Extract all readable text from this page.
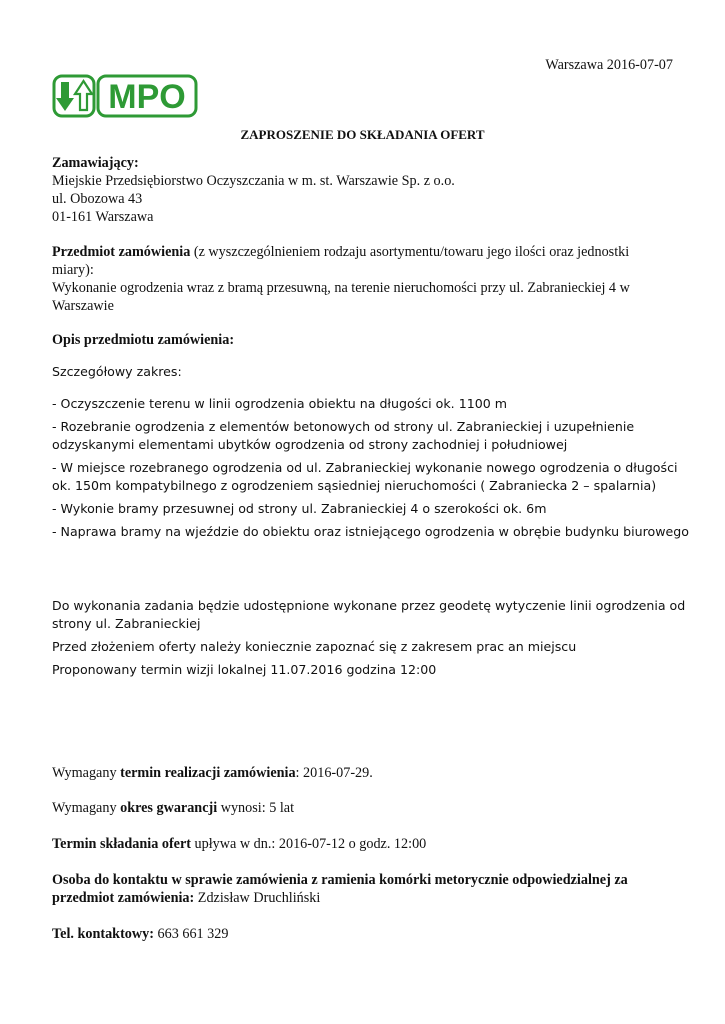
Warszawa 2016-07-07
MPO
ZAPROSZENIE DO SKŁADANIA OFERT
Zamawiający:
Miejskie Przedsiębiorstwo Oczyszczania w m. st. Warszawie Sp. z o.o.
ul. Obozowa 43
01-161 Warszawa
Przedmiot zamówienia (z wyszczególnieniem rodzaju asortymentu/towaru jego ilości oraz jednostki miary):
Wykonanie ogrodzenia wraz z bramą przesuwną, na terenie nieruchomości przy ul. Zabranieckiej 4 w Warszawie
Opis przedmiotu zamówienia:
Szczegółowy zakres:
- Oczyszczenie terenu w linii ogrodzenia obiektu na długości ok. 1100 m
- Rozebranie ogrodzenia z elementów betonowych od strony ul. Zabranieckiej i uzupełnienie odzyskanymi elementami ubytków ogrodzenia od strony zachodniej i południowej
- W miejsce rozebranego ogrodzenia od ul. Zabranieckiej wykonanie nowego ogrodzenia o długości ok. 150m kompatybilnego z ogrodzeniem sąsiedniej nieruchomości ( Zabraniecka 2 – spalarnia)
- Wykonie bramy przesuwnej od strony ul. Zabranieckiej 4 o szerokości ok. 6m
- Naprawa bramy na wjeździe do obiektu oraz istniejącego ogrodzenia w obrębie budynku biurowego
Do wykonania zadania będzie udostępnione wykonane przez geodetę wytyczenie linii ogrodzenia od strony ul. Zabranieckiej
Przed złożeniem oferty należy koniecznie zapoznać się z zakresem prac an miejscu
Proponowany termin wizji lokalnej 11.07.2016 godzina 12:00
Wymagany termin realizacji zamówienia: 2016-07-29.
Wymagany okres gwarancji wynosi: 5 lat
Termin składania ofert upływa w dn.: 2016-07-12 o godz. 12:00
Osoba do kontaktu w sprawie zamówienia z ramienia komórki metorycznie odpowiedzialnej za przedmiot zamówienia: Zdzisław Druchliński
Tel. kontaktowy: 663 661 329
